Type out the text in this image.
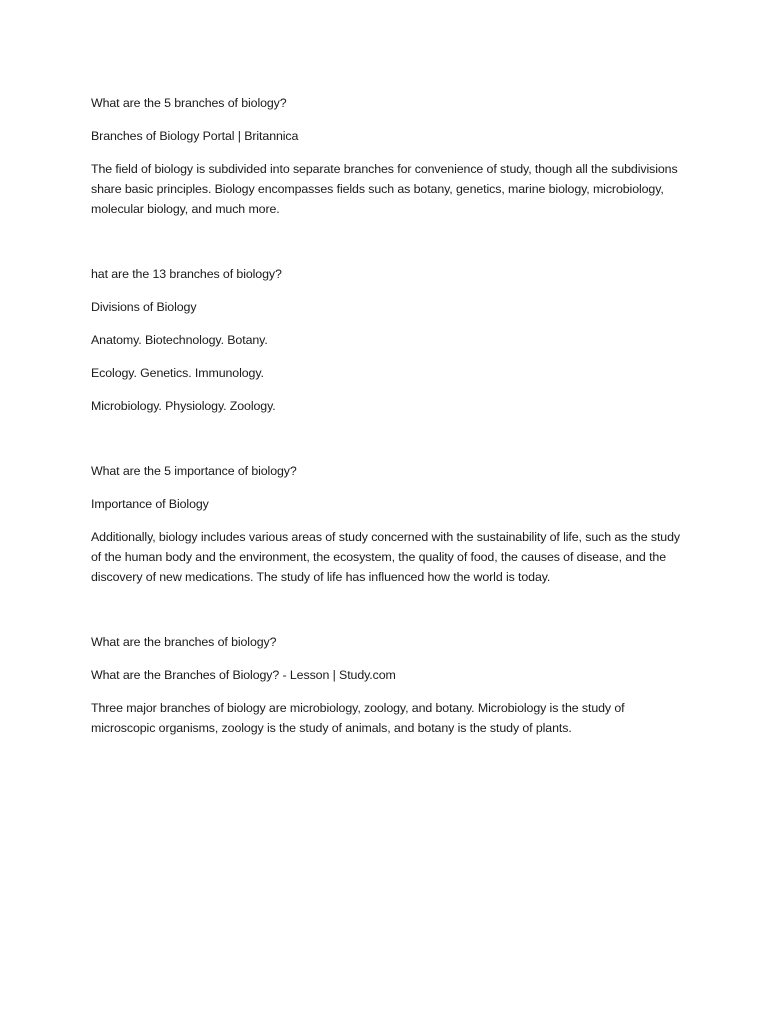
What are the 5 branches of biology?

Branches of Biology Portal | Britannica

The field of biology is subdivided into separate branches for convenience of study, though all the subdivisions share basic principles. Biology encompasses fields such as botany, genetics, marine biology, microbiology, molecular biology, and much more.

hat are the 13 branches of biology?

Divisions of Biology

Anatomy. Biotechnology. Botany.

Ecology. Genetics. Immunology.

Microbiology. Physiology. Zoology.

What are the 5 importance of biology?

Importance of Biology

Additionally, biology includes various areas of study concerned with the sustainability of life, such as the study of the human body and the environment, the ecosystem, the quality of food, the causes of disease, and the discovery of new medications. The study of life has influenced how the world is today.

What are the branches of biology?

What are the Branches of Biology? - Lesson | Study.com

Three major branches of biology are microbiology, zoology, and botany. Microbiology is the study of microscopic organisms, zoology is the study of animals, and botany is the study of plants.
